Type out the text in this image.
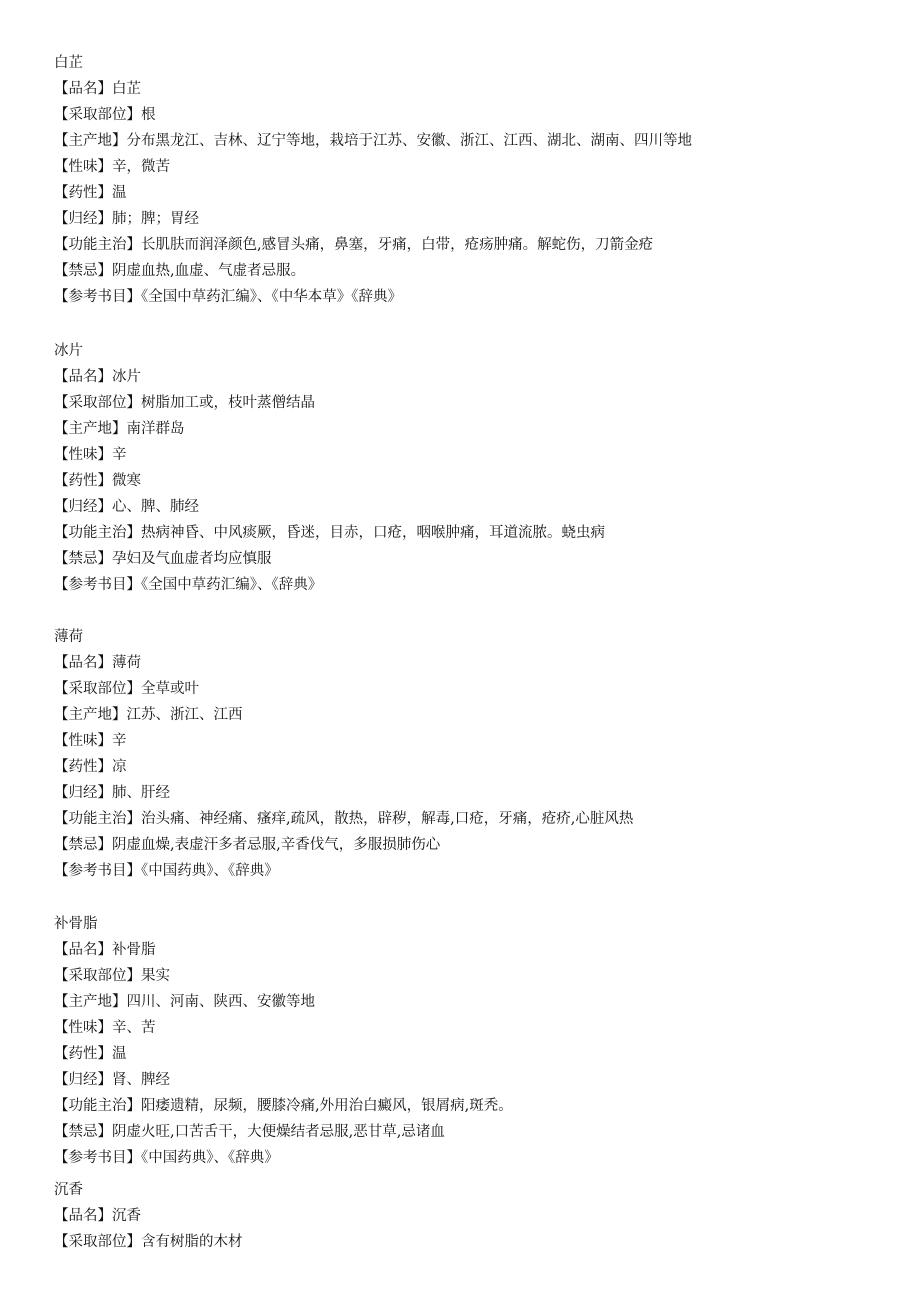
白芷
【品名】白芷
【采取部位】根
【主产地】分布黑龙江、吉林、辽宁等地，栽培于江苏、安徽、浙江、江西、湖北、湖南、四川等地
【性味】辛，微苦
【药性】温
【归经】肺；脾；胃经
【功能主治】长肌肤而润泽颜色,感冒头痛，鼻塞，牙痛，白带，疮疡肿痛。解蛇伤，刀箭金疮
【禁忌】阴虚血热,血虚、气虚者忌服。
【参考书目】《全国中草药汇编》、《中华本草》《辞典》
冰片
【品名】冰片
【采取部位】树脂加工或，枝叶蒸僧结晶
【主产地】南洋群岛
【性味】辛
【药性】微寒
【归经】心、脾、肺经
【功能主治】热病神昏、中风痰厥，昏迷，目赤，口疮，咽喉肿痛，耳道流脓。蛲虫病
【禁忌】孕妇及气血虚者均应慎服
【参考书目】《全国中草药汇编》、《辞典》
薄荷
【品名】薄荷
【采取部位】全草或叶
【主产地】江苏、浙江、江西
【性味】辛
【药性】凉
【归经】肺、肝经
【功能主治】治头痛、神经痛、瘙痒,疏风，散热，辟秽，解毒,口疮，牙痛，疮疥,心脏风热
【禁忌】阴虚血燥,表虚汗多者忌服,辛香伐气，多服损肺伤心
【参考书目】《中国药典》、《辞典》
补骨脂
【品名】补骨脂
【采取部位】果实
【主产地】四川、河南、陕西、安徽等地
【性味】辛、苦
【药性】温
【归经】肾、脾经
【功能主治】阳痿遗精，尿频，腰膝冷痛,外用治白癜风，银屑病,斑秃。
【禁忌】阴虚火旺,口苦舌干，大便燥结者忌服,恶甘草,忌诸血
【参考书目】《中国药典》、《辞典》
沉香
【品名】沉香
【采取部位】含有树脂的木材
